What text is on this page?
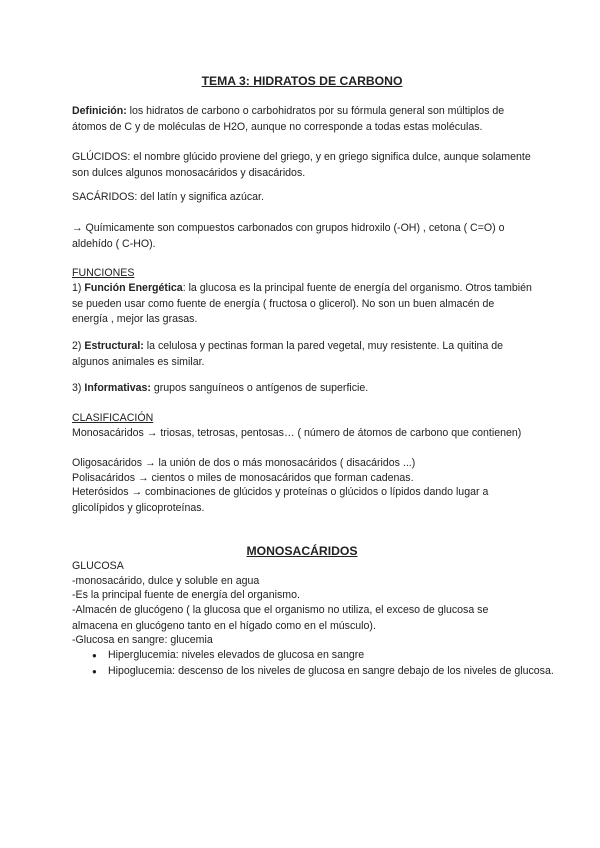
TEMA 3: HIDRATOS DE CARBONO
Definición: los hidratos de carbono o carbohidratos por su fórmula general son múltiplos de átomos de C y de moléculas de H2O, aunque no corresponde a todas estas moléculas.
GLÚCIDOS: el nombre glúcido proviene del griego, y en griego significa dulce, aunque solamente son dulces algunos monosacáridos y disacáridos.
SACÁRIDOS: del latín y significa azúcar.
→ Químicamente son compuestos carbonados con grupos hidroxilo (-OH) , cetona ( C=O) o aldehído ( C-HO).
FUNCIONES
1) Función Energética: la glucosa es la principal fuente de energía del organismo. Otros también se pueden usar como fuente de energía ( fructosa o glicerol). No son un buen almacén de energía , mejor las grasas.
2) Estructural: la celulosa y pectinas forman la pared vegetal, muy resistente. La quitina de algunos animales es similar.
3) Informativas: grupos sanguíneos o antígenos de superficie.
CLASIFICACIÓN
Monosacáridos → triosas, tetrosas, pentosas… ( número de átomos de carbono que contienen)
Oligosacáridos → la unión de dos o más monosacáridos ( disacáridos ...)
Polisacáridos → cientos o miles de monosacáridos que forman cadenas.
Heterósidos → combinaciones de glúcidos y proteínas o glúcidos o lípidos dando lugar a glicolípidos y glicoproteínas.
MONOSACÁRIDOS
GLUCOSA
-monosacárido, dulce y soluble en agua
-Es la principal fuente de energía del organismo.
-Almacén de glucógeno ( la glucosa que el organismo no utiliza, el exceso de glucosa se almacena en glucógeno tanto en el hígado como en el músculo).
-Glucosa en sangre: glucemia
● Hiperglucemia: niveles elevados de glucosa en sangre
● Hipoglucemia: descenso de los niveles de glucosa en sangre debajo de los niveles de glucosa.
